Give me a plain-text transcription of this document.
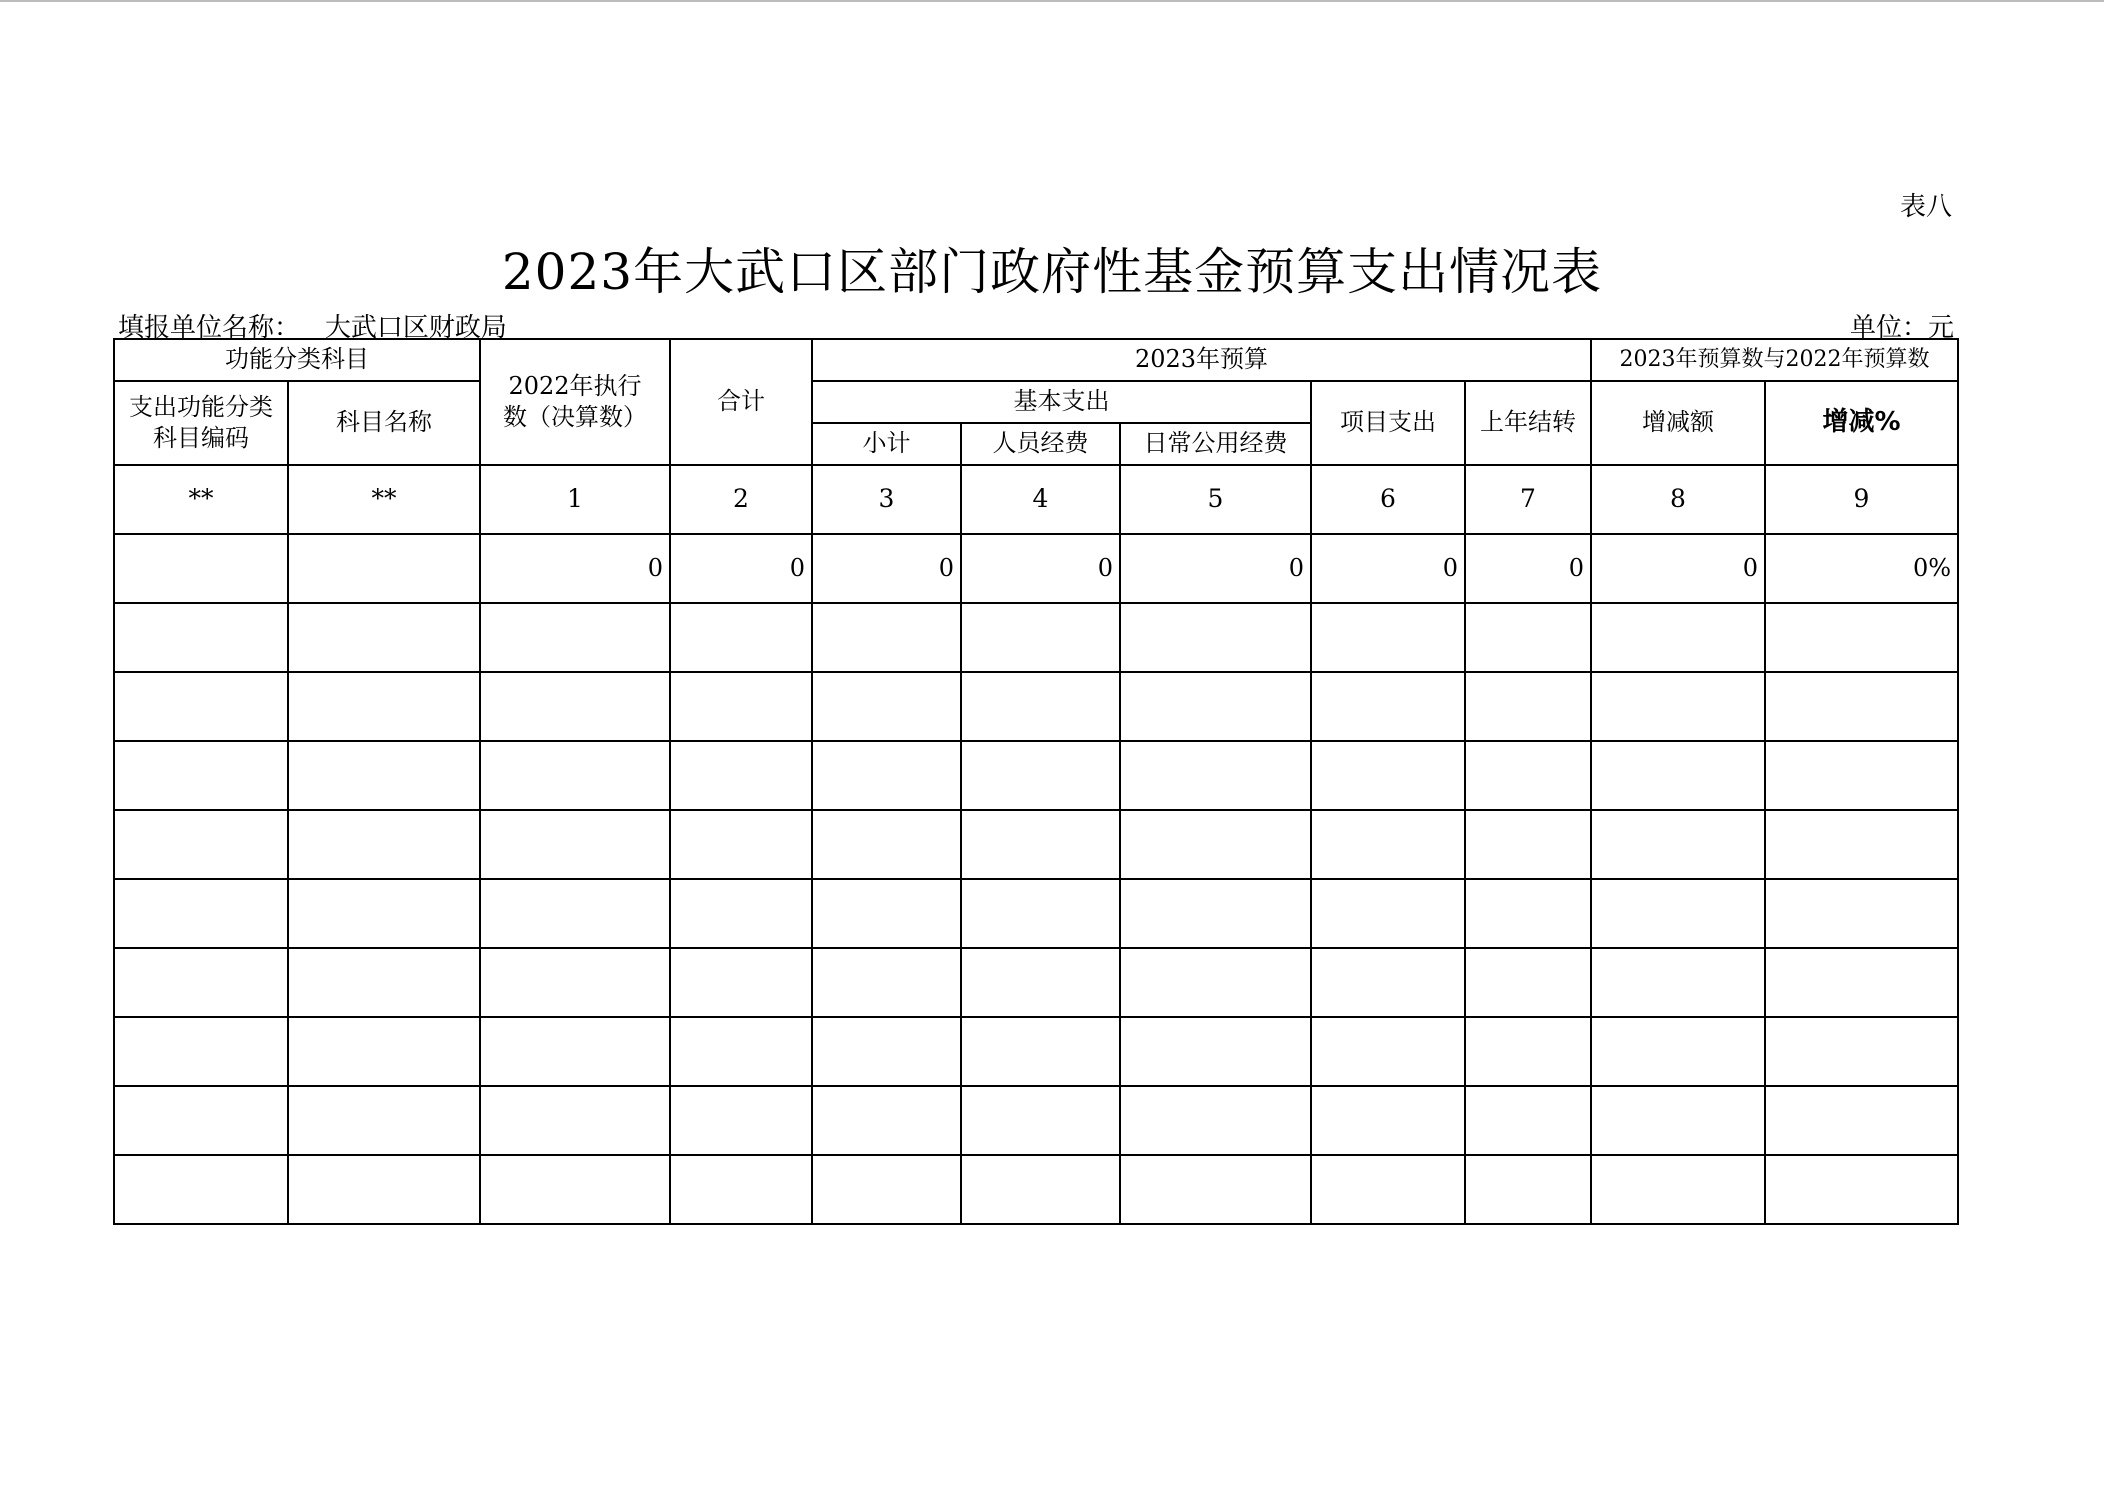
表八
2023年大武口区部门政府性基金预算支出情况表
填报单位名称： 大武口区财政局	单位：元
功能分类科目		2022年执行数（决算数）	合计	2023年预算					2023年预算数与2022年预算数	

支出功能分类科目编码	科目名称			基本支出			项目支出	上年结转	增减额	增减%
				小计	人员经费	日常公用经费				
**	**	1	2	3	4	5	6	7	8	9
		0	0	0	0	0	0	0	0	0%
